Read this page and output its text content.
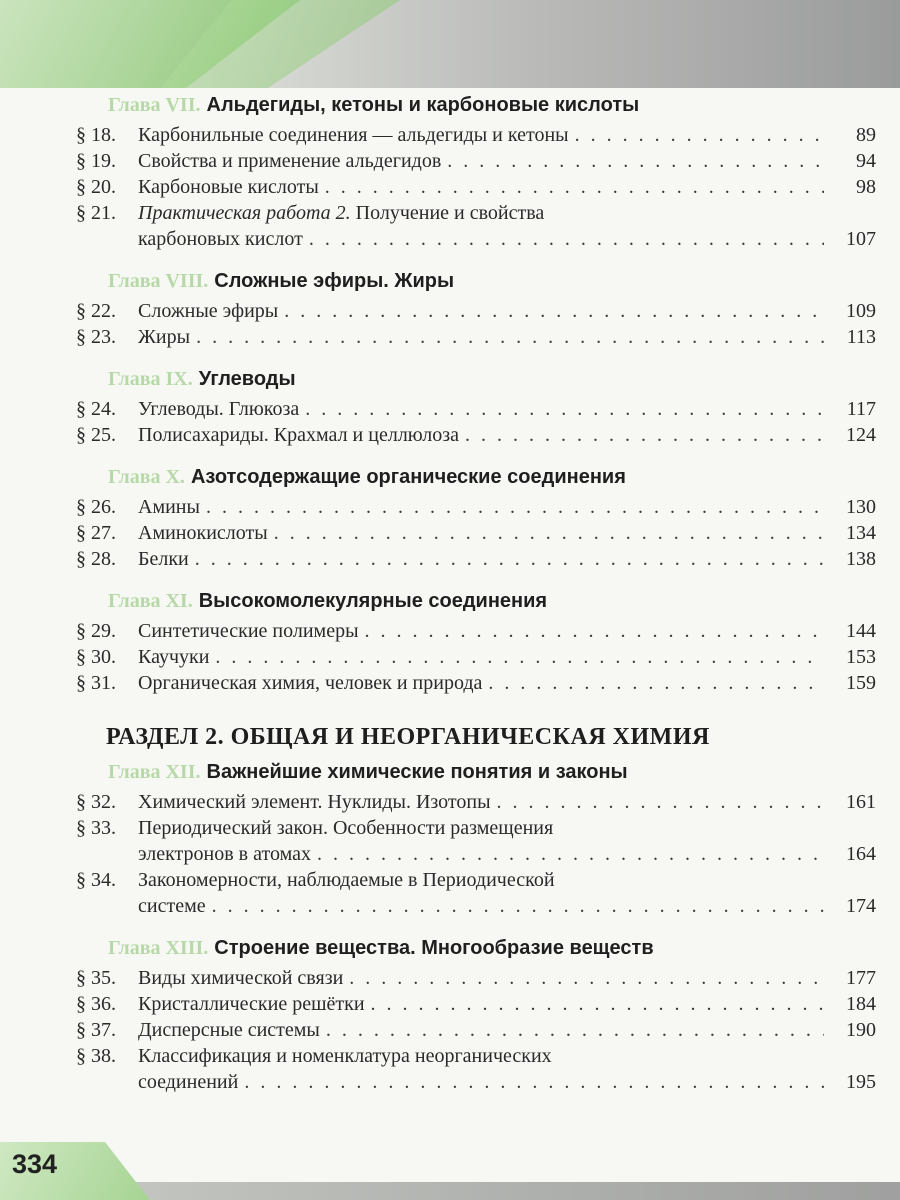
Глава VII. Альдегиды, кетоны и карбоновые кислоты
§ 18.	Карбонильные соединения — альдегиды и кетоны . . .	89
§ 19.	Свойства и применение альдегидов . . .	94
§ 20.	Карбоновые кислоты . . .	98
§ 21.	Практическая работа 2. Получение и свойства
карбоновых кислот . . .	107
Глава VIII. Сложные эфиры. Жиры
§ 22.	Сложные эфиры . . .	109
§ 23.	Жиры . . .	113
Глава IX. Углеводы
§ 24.	Углеводы. Глюкоза . . .	117
§ 25.	Полисахариды. Крахмал и целлюлоза . . .	124
Глава X. Азотсодержащие органические соединения
§ 26.	Амины . . .	130
§ 27.	Аминокислоты . . .	134
§ 28.	Белки . . .	138
Глава XI. Высокомолекулярные соединения
§ 29.	Синтетические полимеры . . .	144
§ 30.	Каучуки . . .	153
§ 31.	Органическая химия, человек и природа . . .	159
РАЗДЕЛ 2. ОБЩАЯ И НЕОРГАНИЧЕСКАЯ ХИМИЯ
Глава XII. Важнейшие химические понятия и законы
§ 32.	Химический элемент. Нуклиды. Изотопы . . .	161
§ 33.	Периодический закон. Особенности размещения
электронов в атомах . . .	164
§ 34.	Закономерности, наблюдаемые в Периодической
системе . . .	174
Глава XIII. Строение вещества. Многообразие веществ
§ 35.	Виды химической связи . . .	177
§ 36.	Кристаллические решётки . . .	184
§ 37.	Дисперсные системы . . .	190
§ 38.	Классификация и номенклатура неорганических
соединений . . .	195
334
